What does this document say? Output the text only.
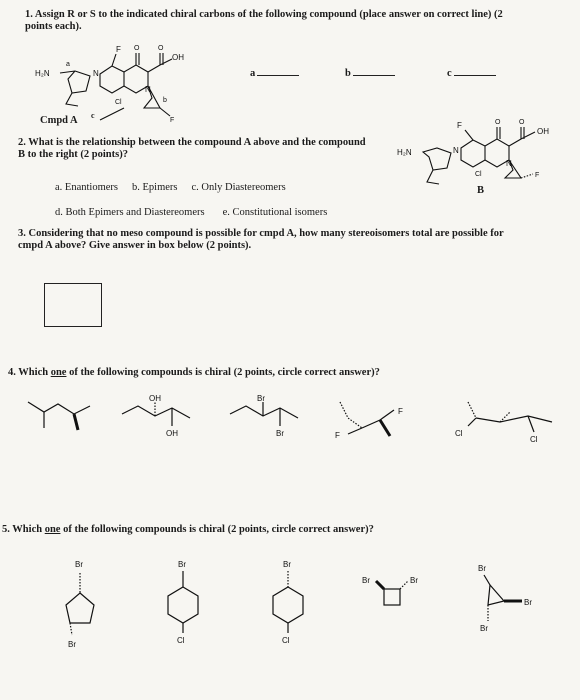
1. Assign R or S to the indicated chiral carbons of the following compound (place answer on correct line) (2
points each).
H₂N
a
N
F
Cl
N
O	O
OH
b
F
a	b	c
Cmpd A c
2. What is the relationship between the compound A above and the compound
B to the right (2 points)?	H₂N	N
F
Cl
N
O	O
OH
F
B
a. Enantiomers b. Epimers c. Only Diastereomers
d. Both Epimers and Diastereomers e. Constitutional isomers
3. Considering that no meso compound is possible for cmpd A, how many stereoisomers total are possible for
cmpd A above? Give answer in box below (2 points).
4. Which one of the following compounds is chiral (2 points, circle correct answer)?
OH
OH
Br
Br
F
F	Cl
Cl
5. Which one of the following compounds is chiral (2 points, circle correct answer)?
Br
Br
Br
Cl
Br
Cl
Br	Br
Br
Br
Br
